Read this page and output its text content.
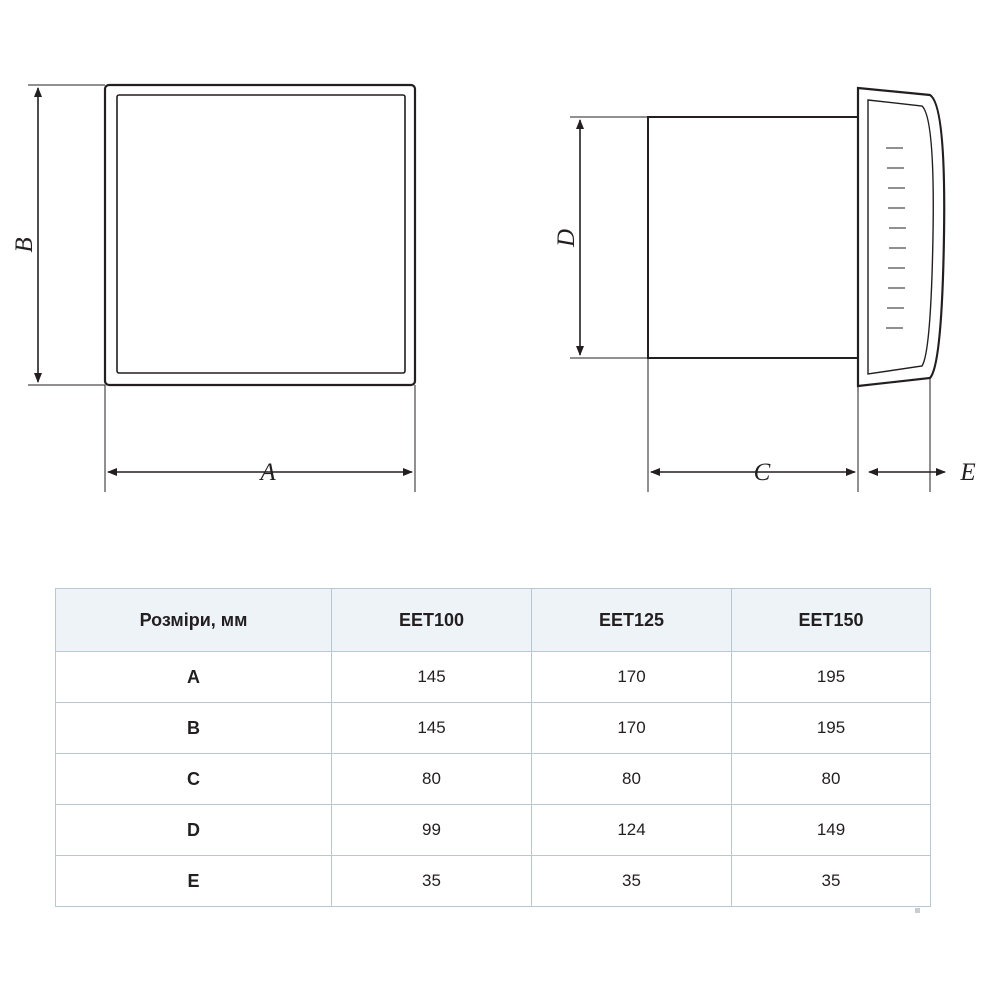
B
A
D
C	E
Розміри, мм	EET100	EET125	EET150
A	145	170	195
B	145	170	195
C	80	80	80
D	99	124	149
E	35	35	35
